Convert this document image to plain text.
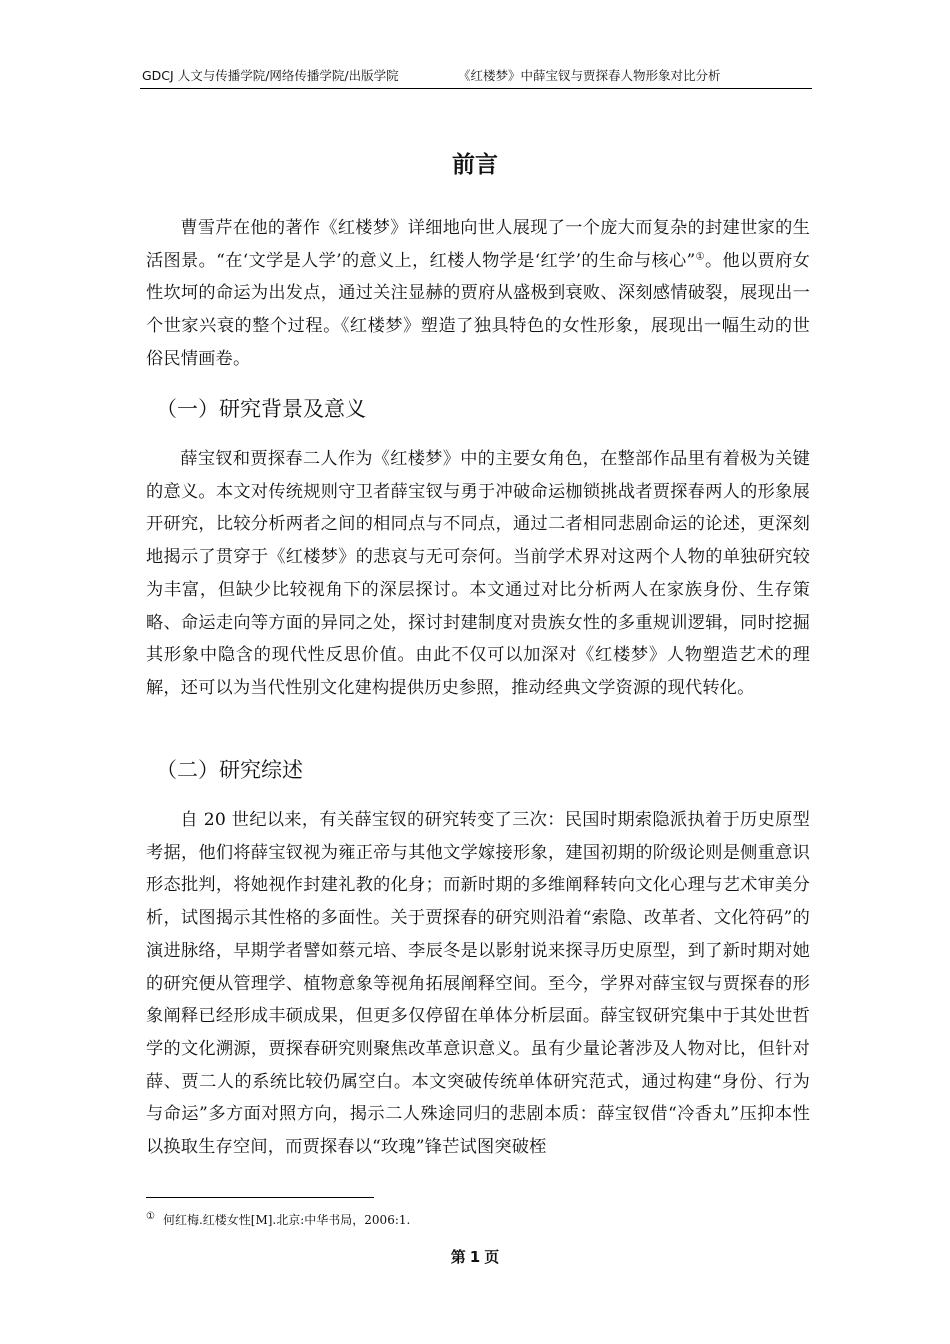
GDCJ 人文与传播学院/网络传播学院/出版学院	《红楼梦》中薛宝钗与贾探春人物形象对比分析
前言

曹雪芹在他的著作《红楼梦》详细地向世人展现了一个庞大而复杂的封建世家的生活图景。“在‘文学是人学’的意义上，红楼人物学是‘红学’的生命与核心”①。他以贾府女性坎坷的命运为出发点，通过关注显赫的贾府从盛极到衰败、深刻感情破裂，展现出一个世家兴衰的整个过程。《红楼梦》塑造了独具特色的女性形象，展现出一幅生动的世俗民情画卷。

（一）研究背景及意义

薛宝钗和贾探春二人作为《红楼梦》中的主要女角色，在整部作品里有着极为关键的意义。本文对传统规则守卫者薛宝钗与勇于冲破命运枷锁挑战者贾探春两人的形象展开研究，比较分析两者之间的相同点与不同点，通过二者相同悲剧命运的论述，更深刻地揭示了贯穿于《红楼梦》的悲哀与无可奈何。当前学术界对这两个人物的单独研究较为丰富，但缺少比较视角下的深层探讨。本文通过对比分析两人在家族身份、生存策略、命运走向等方面的异同之处，探讨封建制度对贵族女性的多重规训逻辑，同时挖掘其形象中隐含的现代性反思价值。由此不仅可以加深对《红楼梦》人物塑造艺术的理解，还可以为当代性别文化建构提供历史参照，推动经典文学资源的现代转化。

（二）研究综述

自 20 世纪以来，有关薛宝钗的研究转变了三次：民国时期索隐派执着于历史原型考据，他们将薛宝钗视为雍正帝与其他文学嫁接形象，建国初期的阶级论则是侧重意识形态批判，将她视作封建礼教的化身；而新时期的多维阐释转向文化心理与艺术审美分析，试图揭示其性格的多面性。关于贾探春的研究则沿着“索隐、改革者、文化符码”的演进脉络，早期学者譬如蔡元培、李辰冬是以影射说来探寻历史原型，到了新时期对她的研究便从管理学、植物意象等视角拓展阐释空间。至今，学界对薛宝钗与贾探春的形象阐释已经形成丰硕成果，但更多仅停留在单体分析层面。薛宝钗研究集中于其处世哲学的文化溯源，贾探春研究则聚焦改革意识意义。虽有少量论著涉及人物对比，但针对薛、贾二人的系统比较仍属空白。本文突破传统单体研究范式，通过构建“身份、行为与命运”多方面对照方向，揭示二人殊途同归的悲剧本质：薛宝钗借“冷香丸”压抑本性以换取生存空间，而贾探春以“玫瑰”锋芒试图突破桎

① 何红梅.红楼女性[M].北京:中华书局，2006:1.
第 1 页
